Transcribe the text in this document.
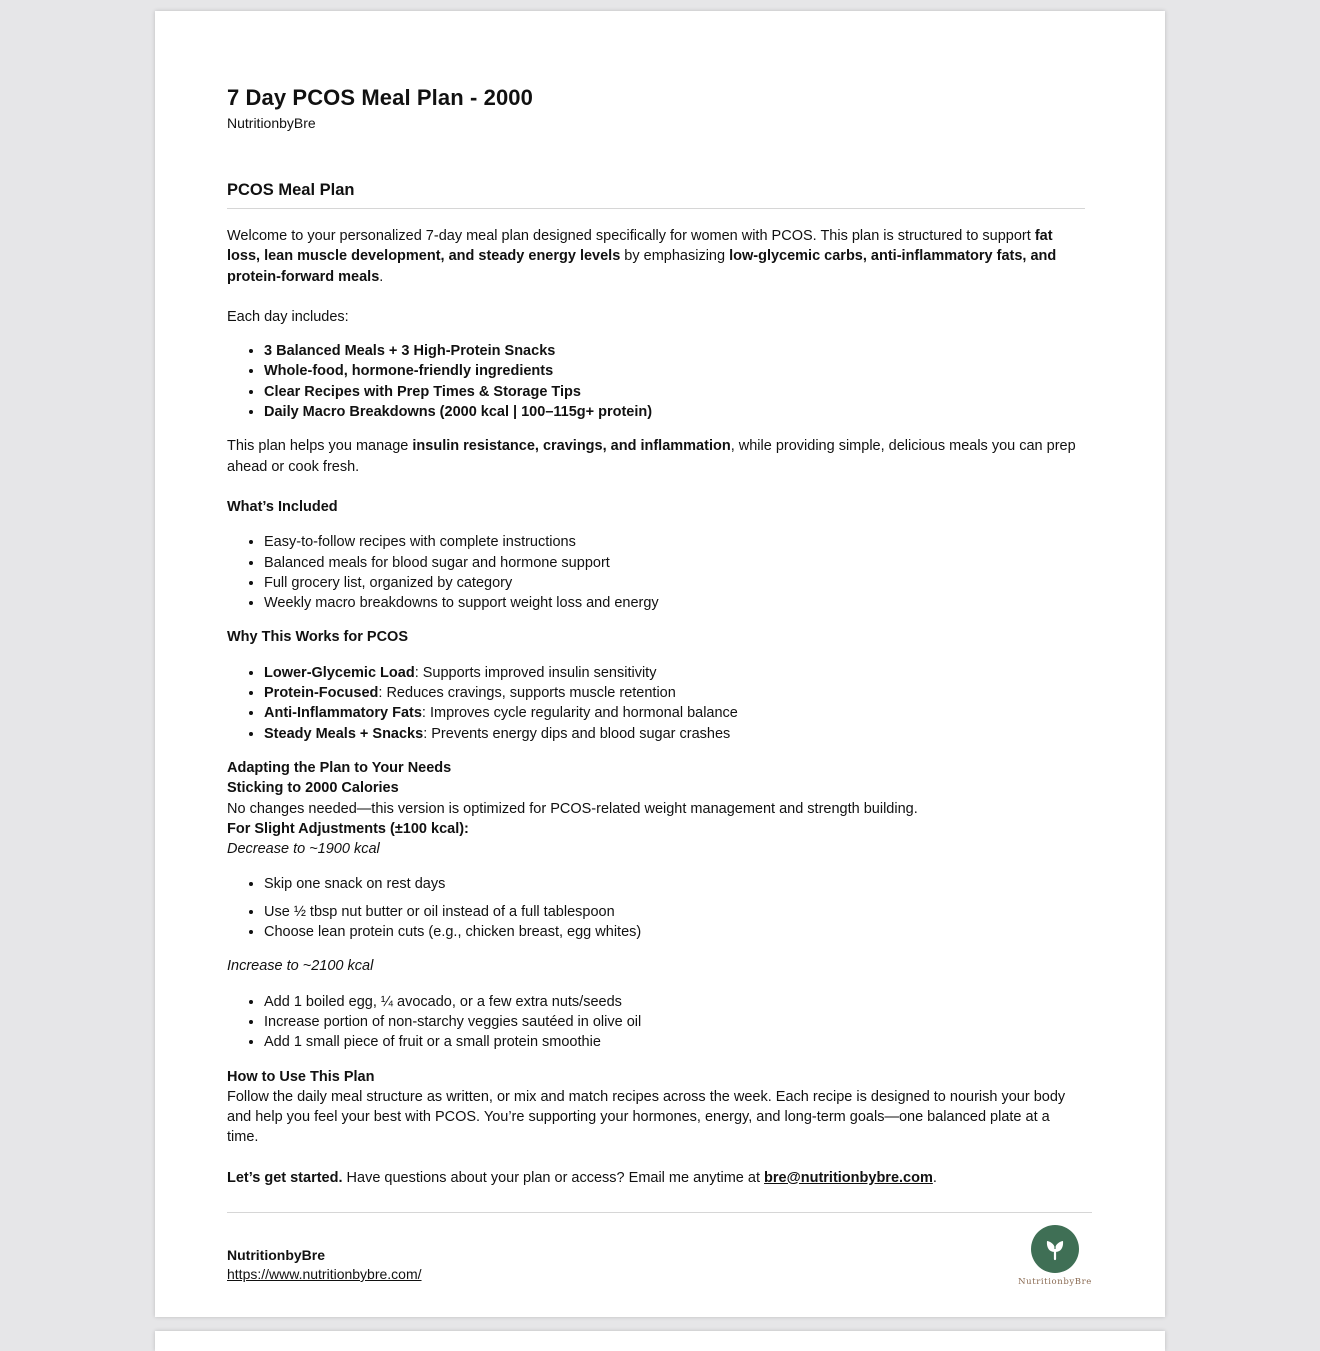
7 Day PCOS Meal Plan - 2000
NutritionbyBre
PCOS Meal Plan

Welcome to your personalized 7-day meal plan designed specifically for women with PCOS. This plan is structured to support fat loss, lean muscle development, and steady energy levels by emphasizing low-glycemic carbs, anti-inflammatory fats, and protein-forward meals.

Each day includes:

• 3 Balanced Meals + 3 High-Protein Snacks
• Whole-food, hormone-friendly ingredients
• Clear Recipes with Prep Times & Storage Tips
• Daily Macro Breakdowns (2000 kcal | 100–115g+ protein)

This plan helps you manage insulin resistance, cravings, and inflammation, while providing simple, delicious meals you can prep ahead or cook fresh.

What’s Included

• Easy-to-follow recipes with complete instructions
• Balanced meals for blood sugar and hormone support
• Full grocery list, organized by category
• Weekly macro breakdowns to support weight loss and energy

Why This Works for PCOS

• Lower-Glycemic Load: Supports improved insulin sensitivity
• Protein-Focused: Reduces cravings, supports muscle retention
• Anti-Inflammatory Fats: Improves cycle regularity and hormonal balance
• Steady Meals + Snacks: Prevents energy dips and blood sugar crashes

Adapting the Plan to Your Needs

Sticking to 2000 Calories

No changes needed—this version is optimized for PCOS-related weight management and strength building.

For Slight Adjustments (±100 kcal):

Decrease to ~1900 kcal

• Skip one snack on rest days
• Use ½ tbsp nut butter or oil instead of a full tablespoon
• Choose lean protein cuts (e.g., chicken breast, egg whites)

Increase to ~2100 kcal

• Add 1 boiled egg, ¼ avocado, or a few extra nuts/seeds
• Increase portion of non-starchy veggies sautéed in olive oil
• Add 1 small piece of fruit or a small protein smoothie

How to Use This Plan

Follow the daily meal structure as written, or mix and match recipes across the week. Each recipe is designed to nourish your body and help you feel your best with PCOS. You’re supporting your hormones, energy, and long-term goals—one balanced plate at a time.

Let’s get started. Have questions about your plan or access? Email me anytime at bre@nutritionbybre.com.

NutritionbyBre
https://www.nutritionbybre.com/	NutritionbyBre
